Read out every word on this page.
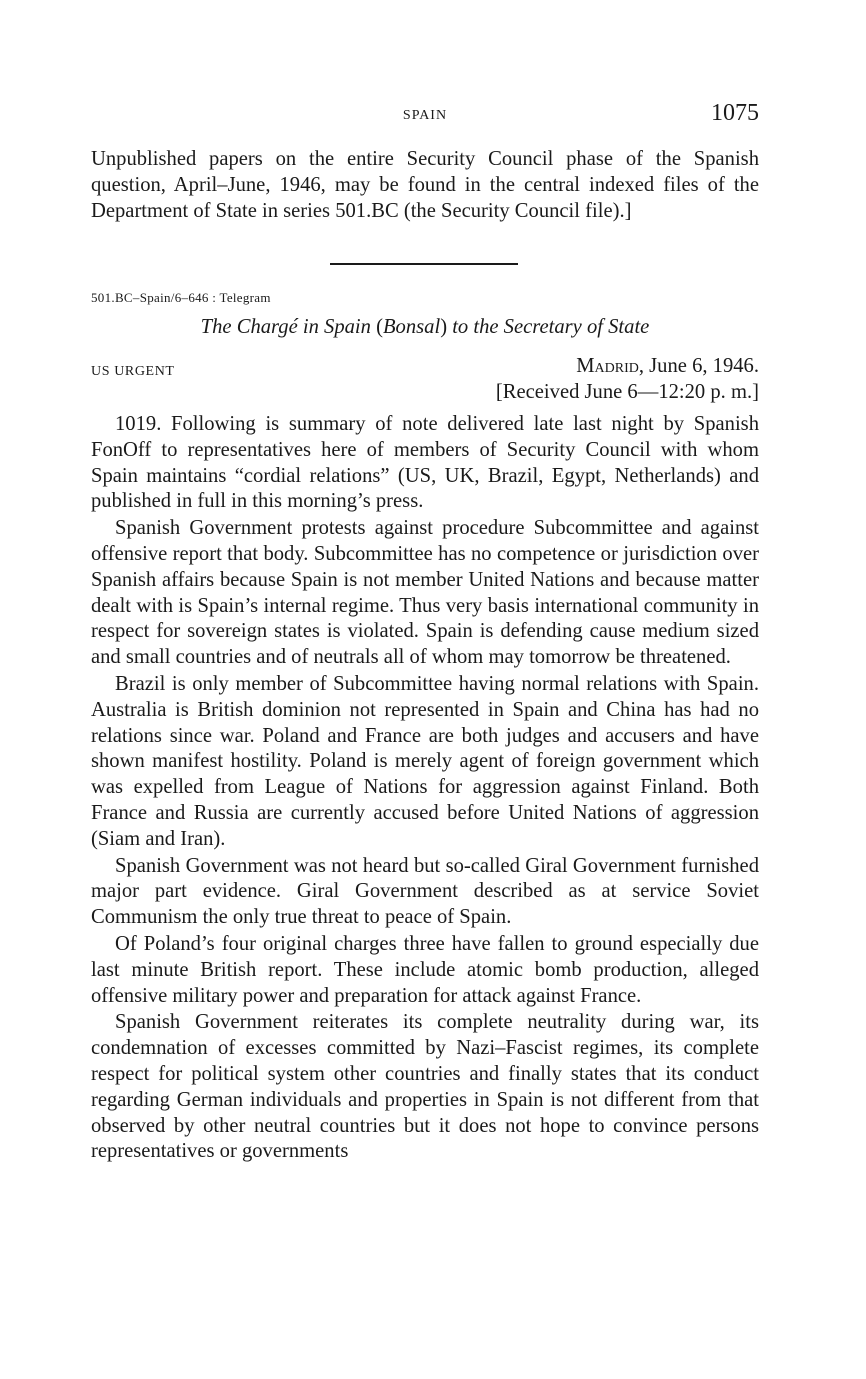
SPAIN	1075

Unpublished papers on the entire Security Council phase of the Spanish question, April–June, 1946, may be found in the central indexed files of the Department of State in series 501.BC (the Security Council file).]

501.BC–Spain/6–646 : Telegram
The Chargé in Spain (Bonsal) to the Secretary of State
US URGENT	Madrid, June 6, 1946.
[Received June 6—12:20 p. m.]

1019. Following is summary of note delivered late last night by Spanish FonOff to representatives here of members of Security Council with whom Spain maintains “cordial relations” (US, UK, Brazil, Egypt, Netherlands) and published in full in this morning’s press.

Spanish Government protests against procedure Subcommittee and against offensive report that body. Subcommittee has no competence or jurisdiction over Spanish affairs because Spain is not member United Nations and because matter dealt with is Spain’s internal regime. Thus very basis international community in respect for sovereign states is violated. Spain is defending cause medium sized and small countries and of neutrals all of whom may tomorrow be threatened.

Brazil is only member of Subcommittee having normal relations with Spain. Australia is British dominion not represented in Spain and China has had no relations since war. Poland and France are both judges and accusers and have shown manifest hostility. Poland is merely agent of foreign government which was expelled from League of Nations for aggression against Finland. Both France and Russia are currently accused before United Nations of aggression (Siam and Iran).

Spanish Government was not heard but so-called Giral Government furnished major part evidence. Giral Government described as at service Soviet Communism the only true threat to peace of Spain.

Of Poland’s four original charges three have fallen to ground especially due last minute British report. These include atomic bomb production, alleged offensive military power and preparation for attack against France.

Spanish Government reiterates its complete neutrality during war, its condemnation of excesses committed by Nazi–Fascist regimes, its complete respect for political system other countries and finally states that its conduct regarding German individuals and properties in Spain is not different from that observed by other neutral countries but it does not hope to convince persons representatives or governments
